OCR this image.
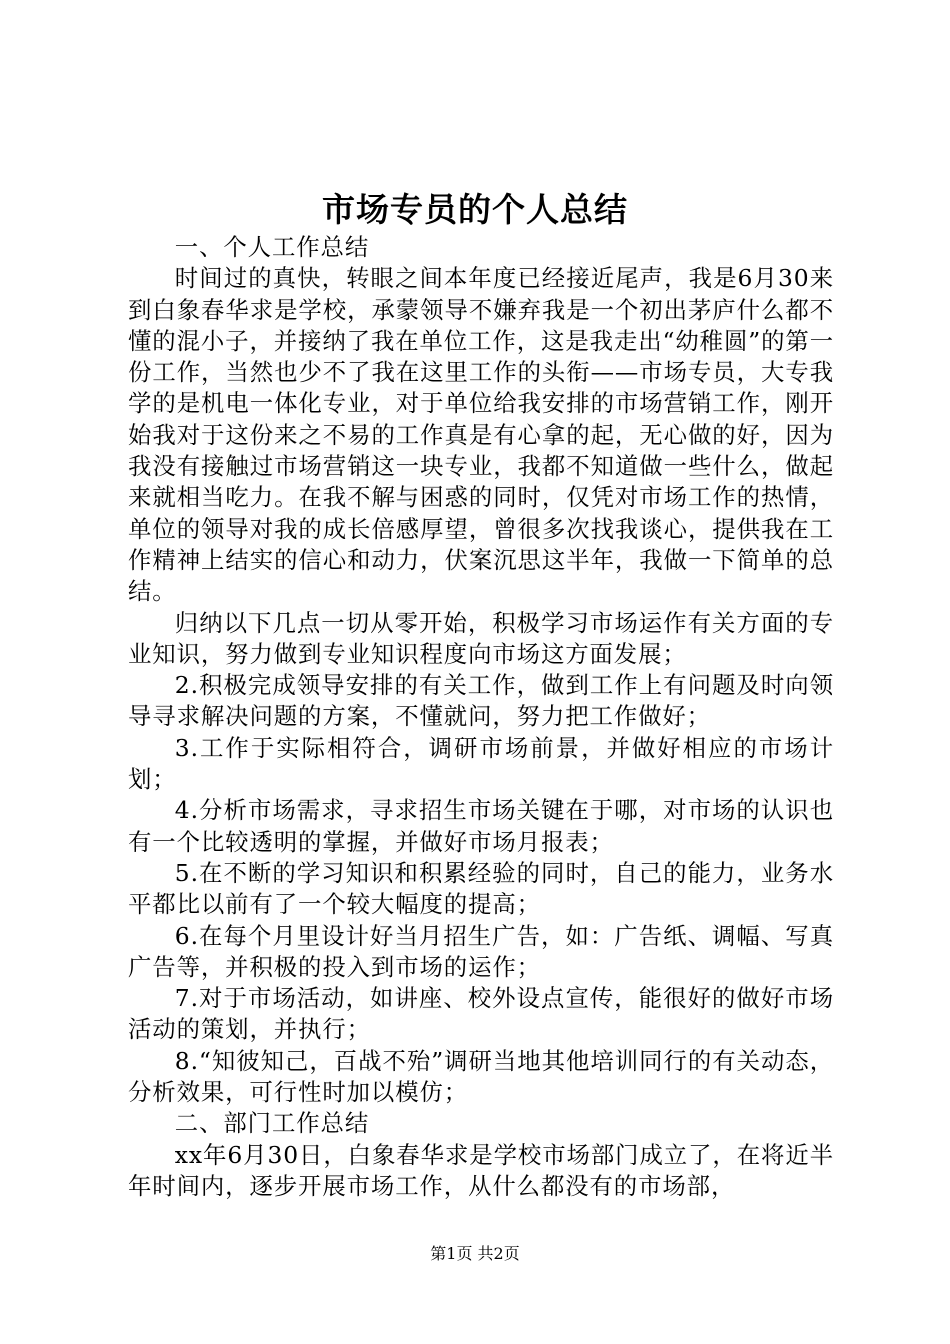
市场专员的个人总结

一、个人工作总结

时间过的真快，转眼之间本年度已经接近尾声，我是6月30来到白象春华求是学校，承蒙领导不嫌弃我是一个初出茅庐什么都不懂的混小子，并接纳了我在单位工作，这是我走出“幼稚圆”的第一份工作，当然也少不了我在这里工作的头衔——市场专员，大专我学的是机电一体化专业，对于单位给我安排的市场营销工作，刚开始我对于这份来之不易的工作真是有心拿的起，无心做的好，因为我没有接触过市场营销这一块专业，我都不知道做一些什么，做起来就相当吃力。在我不解与困惑的同时，仅凭对市场工作的热情，单位的领导对我的成长倍感厚望，曾很多次找我谈心，提供我在工作精神上结实的信心和动力，伏案沉思这半年，我做一下简单的总结。

归纳以下几点一切从零开始，积极学习市场运作有关方面的专业知识，努力做到专业知识程度向市场这方面发展；

2.积极完成领导安排的有关工作，做到工作上有问题及时向领导寻求解决问题的方案，不懂就问，努力把工作做好；

3.工作于实际相符合，调研市场前景，并做好相应的市场计划；

4.分析市场需求，寻求招生市场关键在于哪，对市场的认识也有一个比较透明的掌握，并做好市场月报表；

5.在不断的学习知识和积累经验的同时，自己的能力，业务水平都比以前有了一个较大幅度的提高；

6.在每个月里设计好当月招生广告，如：广告纸、调幅、写真广告等，并积极的投入到市场的运作；

7.对于市场活动，如讲座、校外设点宣传，能很好的做好市场活动的策划，并执行；

8.“知彼知己，百战不殆”调研当地其他培训同行的有关动态，分析效果，可行性时加以模仿；

二、部门工作总结

xx年6月30日，白象春华求是学校市场部门成立了，在将近半年时间内，逐步开展市场工作，从什么都没有的市场部，

第1页 共2页
